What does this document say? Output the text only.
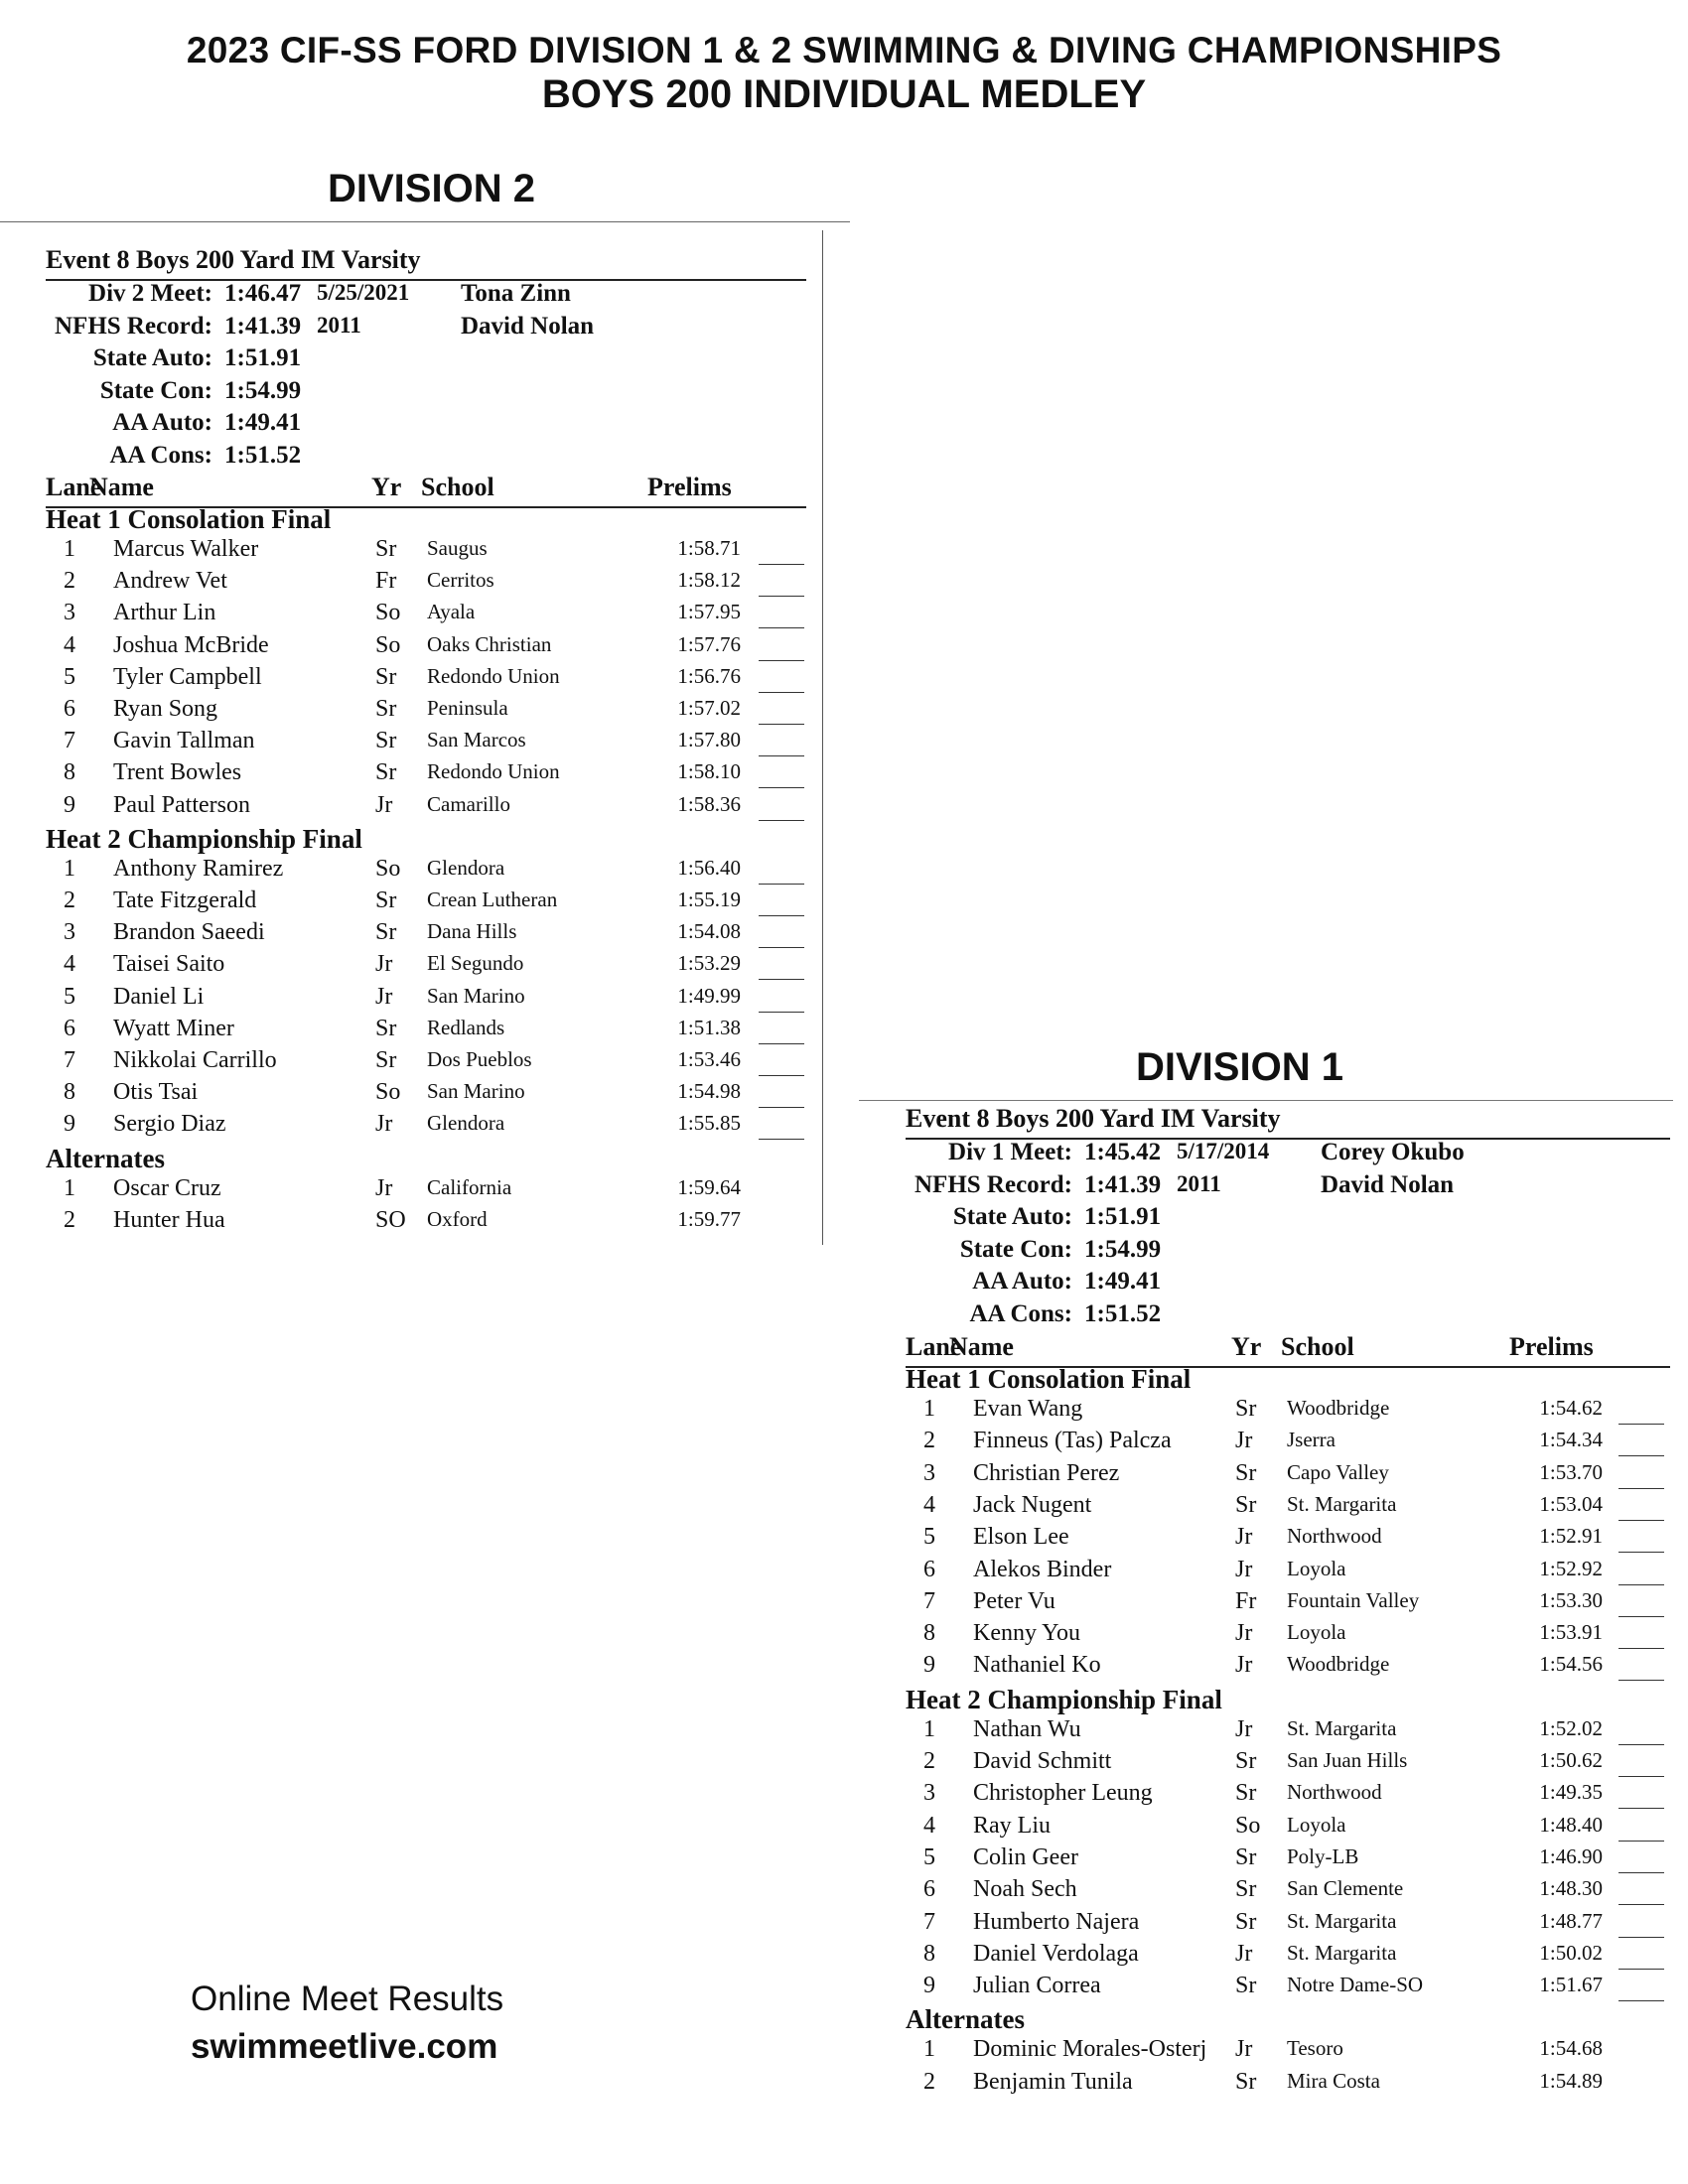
2023 CIF-SS FORD DIVISION 1 & 2 SWIMMING & DIVING CHAMPIONSHIPS
BOYS 200 INDIVIDUAL MEDLEY
DIVISION 2
Event 8 Boys 200 Yard IM Varsity
Div 2 Meet: 1:46.47 5/25/2021 Tona Zinn
NFHS Record: 1:41.39 2011	David Nolan
State Auto: 1:51.91
State Con: 1:54.99
AA Auto: 1:49.41
AA Cons: 1:51.52
Lane
Name	Yr School	Prelims
Heat 1 Consolation Final
1 Marcus Walker	Sr Saugus	1:58.71
2 Andrew Vet	Fr Cerritos	1:58.12
3 Arthur Lin	So Ayala	1:57.95
4 Joshua McBride	So Oaks Christian	1:57.76
5 Tyler Campbell	Sr Redondo Union	1:56.76
6 Ryan Song	Sr Peninsula	1:57.02
7 Gavin Tallman	Sr San Marcos	1:57.80
8 Trent Bowles	Sr Redondo Union	1:58.10
9 Paul Patterson	Jr Camarillo	1:58.36
Heat 2 Championship Final
1 Anthony Ramirez	So Glendora	1:56.40
2 Tate Fitzgerald	Sr Crean Lutheran	1:55.19
3 Brandon Saeedi	Sr Dana Hills	1:54.08
4 Taisei Saito	Jr El Segundo	1:53.29
5 Daniel Li	Jr San Marino	1:49.99
6 Wyatt Miner	Sr Redlands	1:51.38
7 Nikkolai Carrillo	Sr Dos Pueblos	1:53.46
8 Otis Tsai	So San Marino	1:54.98
9 Sergio Diaz	Jr Glendora	1:55.85
Alternates
1 Oscar Cruz	Jr California	1:59.64
2 Hunter Hua	SO Oxford	1:59.77
DIVISION 1
Event 8 Boys 200 Yard IM Varsity
Div 1 Meet: 1:45.42 5/17/2014 Corey Okubo
NFHS Record: 1:41.39 2011	David Nolan
State Auto: 1:51.91
State Con: 1:54.99
AA Auto: 1:49.41
AA Cons: 1:51.52
Lane
Name	Yr School	Prelims
Heat 1 Consolation Final
1 Evan Wang	Sr Woodbridge	1:54.62
2 Finneus (Tas) Palcza	Jr Jserra	1:54.34
3 Christian Perez	Sr Capo Valley	1:53.70
4 Jack Nugent	Sr St. Margarita	1:53.04
5 Elson Lee	Jr Northwood	1:52.91
6 Alekos Binder	Jr Loyola	1:52.92
7 Peter Vu	Fr Fountain Valley	1:53.30
8 Kenny You	Jr Loyola	1:53.91
9 Nathaniel Ko	Jr Woodbridge	1:54.56
Heat 2 Championship Final
1 Nathan Wu	Jr St. Margarita	1:52.02
2 David Schmitt	Sr San Juan Hills	1:50.62
3 Christopher Leung	Sr Northwood	1:49.35
4 Ray Liu	So Loyola	1:48.40
5 Colin Geer	Sr Poly-LB	1:46.90
6 Noah Sech	Sr San Clemente	1:48.30
7 Humberto Najera	Sr St. Margarita	1:48.77
8 Daniel Verdolaga	Jr St. Margarita	1:50.02
9 Julian Correa	Sr Notre Dame-SO	1:51.67
Alternates
1 Dominic Morales-Osterj Jr Tesoro	1:54.68
2 Benjamin Tunila	Sr Mira Costa	1:54.89
Online Meet Results
swimmeetlive.com
